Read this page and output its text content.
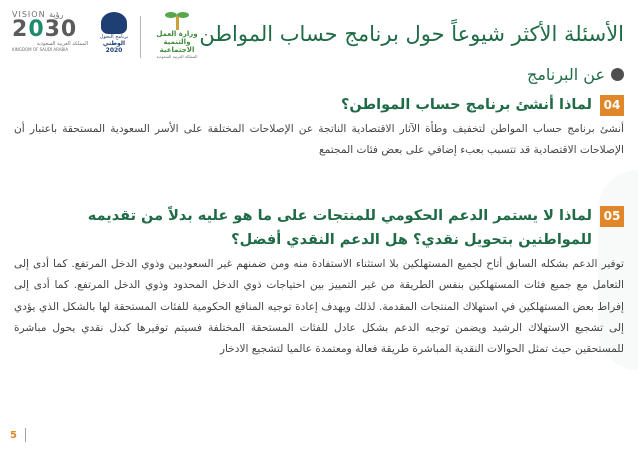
VISION رؤية
2030
المملكة العربية السعودية
KINGDOM OF SAUDI ARABIA
برنامج التحول
الوطني 2020
وزارة العمل
والتنمية الاجتماعية
المملكة العربية السعودية
الأسئلة الأكثر شيوعاً حول برنامج حساب المواطن
عن البرنامج
04
لماذا أنشئ برنامج حساب المواطن؟
أنشئ برنامج حساب المواطن لتخفيف وطأة الآثار الاقتصادية الناتجة عن الإصلاحات المختلفة على الأسر السعودية المستحقة باعتبار أن الإصلاحات الاقتصادية قد تتسبب بعبء إضافي على بعض فئات المجتمع
05
لماذا لا يستمر الدعم الحكومي للمنتجات على ما هو عليه بدلاً من تقديمه للمواطنين بتحويل نقدي؟ هل الدعم النقدي أفضل؟
توفير الدعم بشكله السابق أتاح لجميع المستهلكين بلا استثناء الاستفادة منه ومن ضمنهم غير السعوديين وذوي الدخل المرتفع. كما أدى إلى التعامل مع جميع فئات المستهلكين بنفس الطريقة من غير التمييز بين احتياجات ذوي الدخل المحدود وذوي الدخل المرتفع. كما أدى إلى إفراط بعض المستهلكين في استهلاك المنتجات المقدمة. لذلك ويهدف إعادة توجيه المنافع الحكومية للفئات المستحقة لها بالشكل الذي يؤدي إلى تشجيع الاستهلاك الرشيد ويضمن توجيه الدعم بشكل عادل للفئات المستحقة المختلفة فسيتم توفيرها كبدل نقدي يحول مباشرة للمستحقين حيث تمثل الحوالات النقدية المباشرة طريقة فعالة ومعتمدة عالميا لتشجيع الادخار
5
